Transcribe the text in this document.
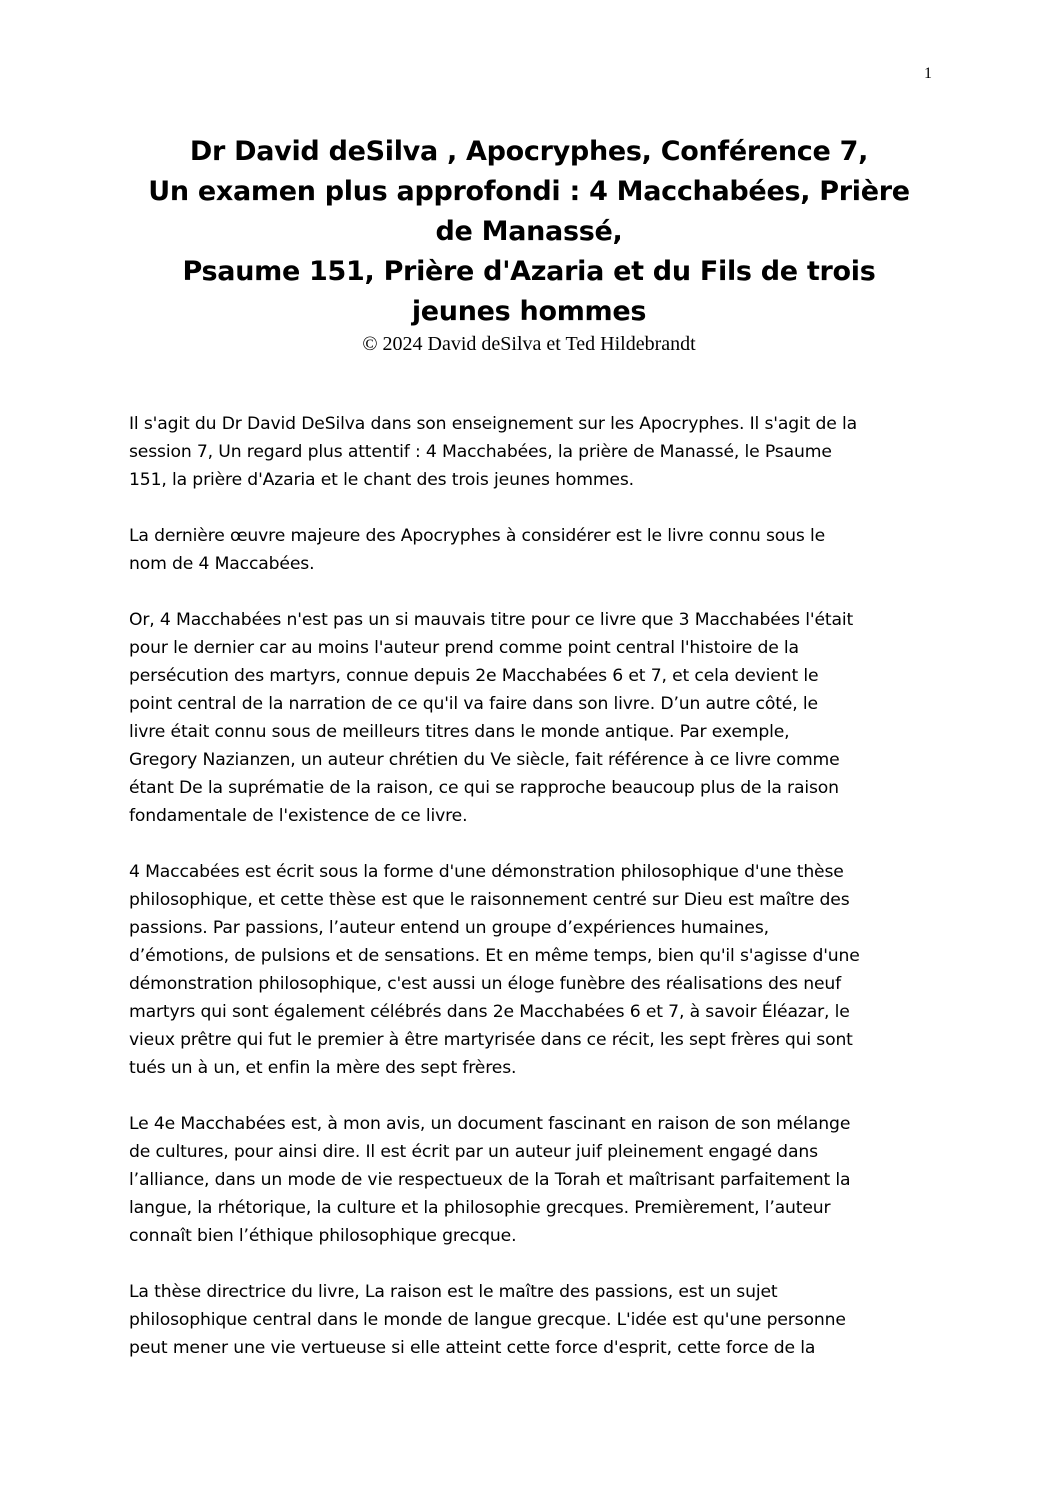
1
Dr David deSilva , Apocryphes, Conférence 7,
Un examen plus approfondi : 4 Macchabées, Prière
de Manassé,
Psaume 151, Prière d'Azaria et du Fils de trois
jeunes hommes
© 2024 David deSilva et Ted Hildebrandt

Il s'agit du Dr David DeSilva dans son enseignement sur les Apocryphes. Il s'agit de la
session 7, Un regard plus attentif : 4 Macchabées, la prière de Manassé, le Psaume
151, la prière d'Azaria et le chant des trois jeunes hommes.

La dernière œuvre majeure des Apocryphes à considérer est le livre connu sous le
nom de 4 Maccabées.

Or, 4 Macchabées n'est pas un si mauvais titre pour ce livre que 3 Macchabées l'était
pour le dernier car au moins l'auteur prend comme point central l'histoire de la
persécution des martyrs, connue depuis 2e Macchabées 6 et 7, et cela devient le
point central de la narration de ce qu'il va faire dans son livre. D’un autre côté, le
livre était connu sous de meilleurs titres dans le monde antique. Par exemple,
Gregory Nazianzen, un auteur chrétien du Ve siècle, fait référence à ce livre comme
étant De la suprématie de la raison, ce qui se rapproche beaucoup plus de la raison
fondamentale de l'existence de ce livre.

4 Maccabées est écrit sous la forme d'une démonstration philosophique d'une thèse
philosophique, et cette thèse est que le raisonnement centré sur Dieu est maître des
passions. Par passions, l’auteur entend un groupe d’expériences humaines,
d’émotions, de pulsions et de sensations. Et en même temps, bien qu'il s'agisse d'une
démonstration philosophique, c'est aussi un éloge funèbre des réalisations des neuf
martyrs qui sont également célébrés dans 2e Macchabées 6 et 7, à savoir Éléazar, le
vieux prêtre qui fut le premier à être martyrisée dans ce récit, les sept frères qui sont
tués un à un, et enfin la mère des sept frères.

Le 4e Macchabées est, à mon avis, un document fascinant en raison de son mélange
de cultures, pour ainsi dire. Il est écrit par un auteur juif pleinement engagé dans
l’alliance, dans un mode de vie respectueux de la Torah et maîtrisant parfaitement la
langue, la rhétorique, la culture et la philosophie grecques. Premièrement, l’auteur
connaît bien l’éthique philosophique grecque.

La thèse directrice du livre, La raison est le maître des passions, est un sujet
philosophique central dans le monde de langue grecque. L'idée est qu'une personne
peut mener une vie vertueuse si elle atteint cette force d'esprit, cette force de la
